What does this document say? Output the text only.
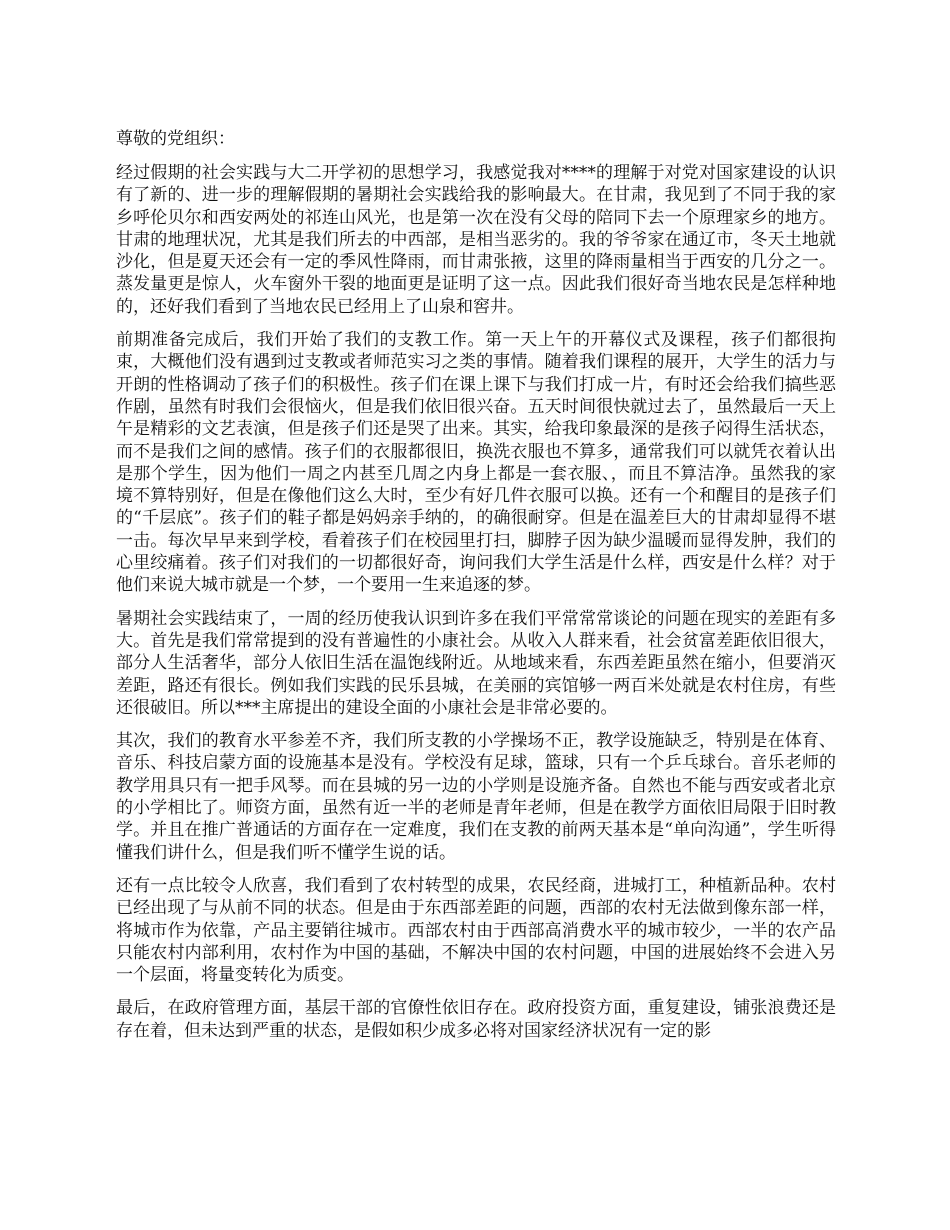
尊敬的党组织：

经过假期的社会实践与大二开学初的思想学习，我感觉我对****的理解于对党对国家建设的认识有了新的、进一步的理解假期的暑期社会实践给我的影响最大。在甘肃，我见到了不同于我的家乡呼伦贝尔和西安两处的祁连山风光，也是第一次在没有父母的陪同下去一个原理家乡的地方。甘肃的地理状况，尤其是我们所去的中西部，是相当恶劣的。我的爷爷家在通辽市，冬天土地就沙化，但是夏天还会有一定的季风性降雨，而甘肃张掖，这里的降雨量相当于西安的几分之一。蒸发量更是惊人，火车窗外干裂的地面更是证明了这一点。因此我们很好奇当地农民是怎样种地的，还好我们看到了当地农民已经用上了山泉和窖井。

前期准备完成后，我们开始了我们的支教工作。第一天上午的开幕仪式及课程，孩子们都很拘束，大概他们没有遇到过支教或者师范实习之类的事情。随着我们课程的展开，大学生的活力与开朗的性格调动了孩子们的积极性。孩子们在课上课下与我们打成一片，有时还会给我们搞些恶作剧，虽然有时我们会很恼火，但是我们依旧很兴奋。五天时间很快就过去了，虽然最后一天上午是精彩的文艺表演，但是孩子们还是哭了出来。其实，给我印象最深的是孩子闷得生活状态，而不是我们之间的感情。孩子们的衣服都很旧，换洗衣服也不算多，通常我们可以就凭衣着认出是那个学生，因为他们一周之内甚至几周之内身上都是一套衣服、，而且不算洁净。虽然我的家境不算特别好，但是在像他们这么大时，至少有好几件衣服可以换。还有一个和醒目的是孩子们的“千层底”。孩子们的鞋子都是妈妈亲手纳的，的确很耐穿。但是在温差巨大的甘肃却显得不堪一击。每次早早来到学校，看着孩子们在校园里打扫，脚脖子因为缺少温暖而显得发肿，我们的心里绞痛着。孩子们对我们的一切都很好奇，询问我们大学生活是什么样，西安是什么样？对于他们来说大城市就是一个梦，一个要用一生来追逐的梦。

暑期社会实践结束了，一周的经历使我认识到许多在我们平常常常谈论的问题在现实的差距有多大。首先是我们常常提到的没有普遍性的小康社会。从收入人群来看，社会贫富差距依旧很大，部分人生活奢华，部分人依旧生活在温饱线附近。从地域来看，东西差距虽然在缩小，但要消灭差距，路还有很长。例如我们实践的民乐县城，在美丽的宾馆够一两百米处就是农村住房，有些还很破旧。所以***主席提出的建设全面的小康社会是非常必要的。

其次，我们的教育水平参差不齐，我们所支教的小学操场不正，教学设施缺乏，特别是在体育、音乐、科技启蒙方面的设施基本是没有。学校没有足球，篮球，只有一个乒乓球台。音乐老师的教学用具只有一把手风琴。而在县城的另一边的小学则是设施齐备。自然也不能与西安或者北京的小学相比了。师资方面，虽然有近一半的老师是青年老师，但是在教学方面依旧局限于旧时教学。并且在推广普通话的方面存在一定难度，我们在支教的前两天基本是“单向沟通”，学生听得懂我们讲什么，但是我们听不懂学生说的话。

还有一点比较令人欣喜，我们看到了农村转型的成果，农民经商，进城打工，种植新品种。农村已经出现了与从前不同的状态。但是由于东西部差距的问题，西部的农村无法做到像东部一样，将城市作为依靠，产品主要销往城市。西部农村由于西部高消费水平的城市较少，一半的农产品只能农村内部利用，农村作为中国的基础，不解决中国的农村问题，中国的进展始终不会进入另一个层面，将量变转化为质变。

最后，在政府管理方面，基层干部的官僚性依旧存在。政府投资方面，重复建设，铺张浪费还是存在着，但未达到严重的状态，是假如积少成多必将对国家经济状况有一定的影
